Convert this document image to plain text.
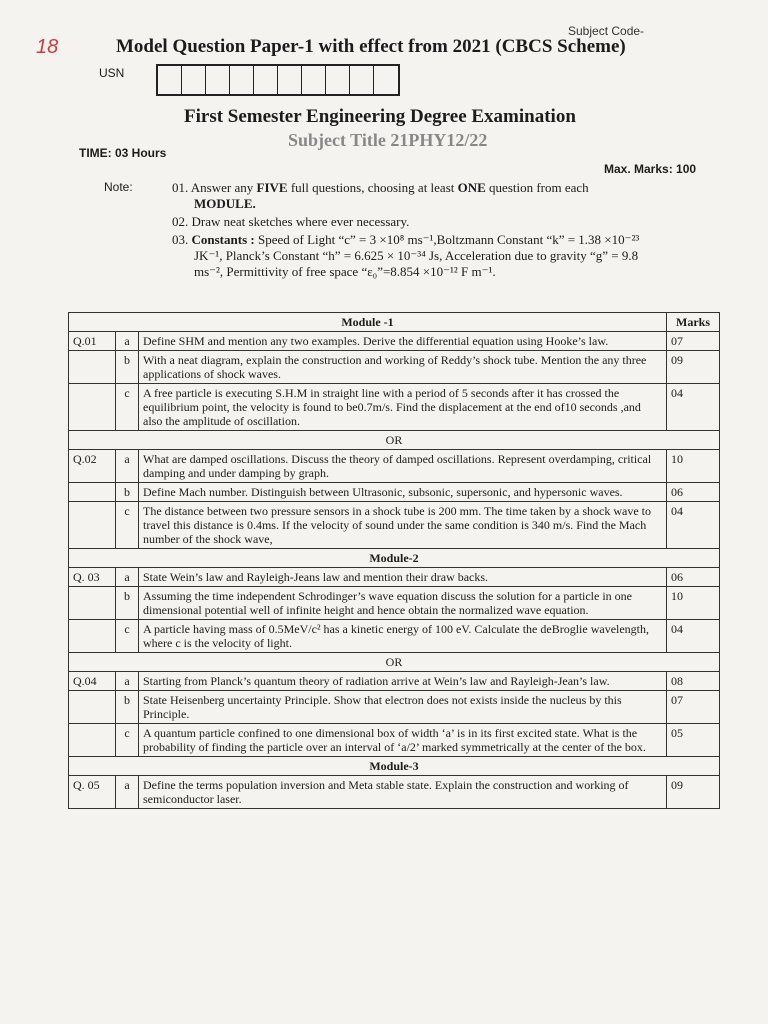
Subject Code-
18	Model Question Paper-1 with effect from 2021 (CBCS Scheme)
USN
First Semester Engineering Degree Examination
Subject Title 21PHY12/22
TIME: 03 Hours
Max. Marks: 100
Note:	01. Answer any FIVE full questions, choosing at least ONE question from each
MODULE.

02. Draw neat sketches where ever necessary.

03. Constants : Speed of Light “c” = 3 ×10⁸ ms⁻¹,Boltzmann Constant “k” = 1.38 ×10⁻²³
JK⁻¹, Planck’s Constant “h” = 6.625 × 10⁻³⁴ Js, Acceleration due to gravity “g” = 9.8
ms⁻², Permittivity of free space “ε₀”=8.854 ×10⁻¹² F m⁻¹.

Module -1			Marks
Q.01	a	Define SHM and mention any two examples. Derive the differential equation using Hooke’s law.	07
	b	With a neat diagram, explain the construction and working of Reddy’s shock tube. Mention the any three applications of shock waves.	09
	c	A free particle is executing S.H.M in straight line with a period of 5 seconds after it has crossed the equilibrium point, the velocity is found to be0.7m/s. Find the displacement at the end of10 seconds ,and also the amplitude of oscillation.	04
OR			
Q.02	a	What are damped oscillations. Discuss the theory of damped oscillations. Represent overdamping, critical damping and under damping by graph.	10
	b	Define Mach number. Distinguish between Ultrasonic, subsonic, supersonic, and hypersonic waves.	06
	c	The distance between two pressure sensors in a shock tube is 200 mm. The time taken by a shock wave to travel this distance is 0.4ms. If the velocity of sound under the same condition is 340 m/s. Find the Mach number of the shock wave,	04
Module-2			
Q. 03	a	State Wein’s law and Rayleigh-Jeans law and mention their draw backs.	06
	b	Assuming the time independent Schrodinger’s wave equation discuss the solution for a particle in one dimensional potential well of infinite height and hence obtain the normalized wave equation.	10
	c	A particle having mass of 0.5MeV/c² has a kinetic energy of 100 eV. Calculate the deBroglie wavelength, where c is the velocity of light.	04
OR			
Q.04	a	Starting from Planck’s quantum theory of radiation arrive at Wein’s law and Rayleigh-Jean’s law.	08
	b	State Heisenberg uncertainty Principle. Show that electron does not exists inside the nucleus by this Principle.	07
	c	A quantum particle confined to one dimensional box of width ‘a’ is in its first excited state. What is the probability of finding the particle over an interval of ‘a/2’ marked symmetrically at the center of the box.	05
Module-3			
Q. 05	a	Define the terms population inversion and Meta stable state. Explain the construction and working of semiconductor laser.	09
